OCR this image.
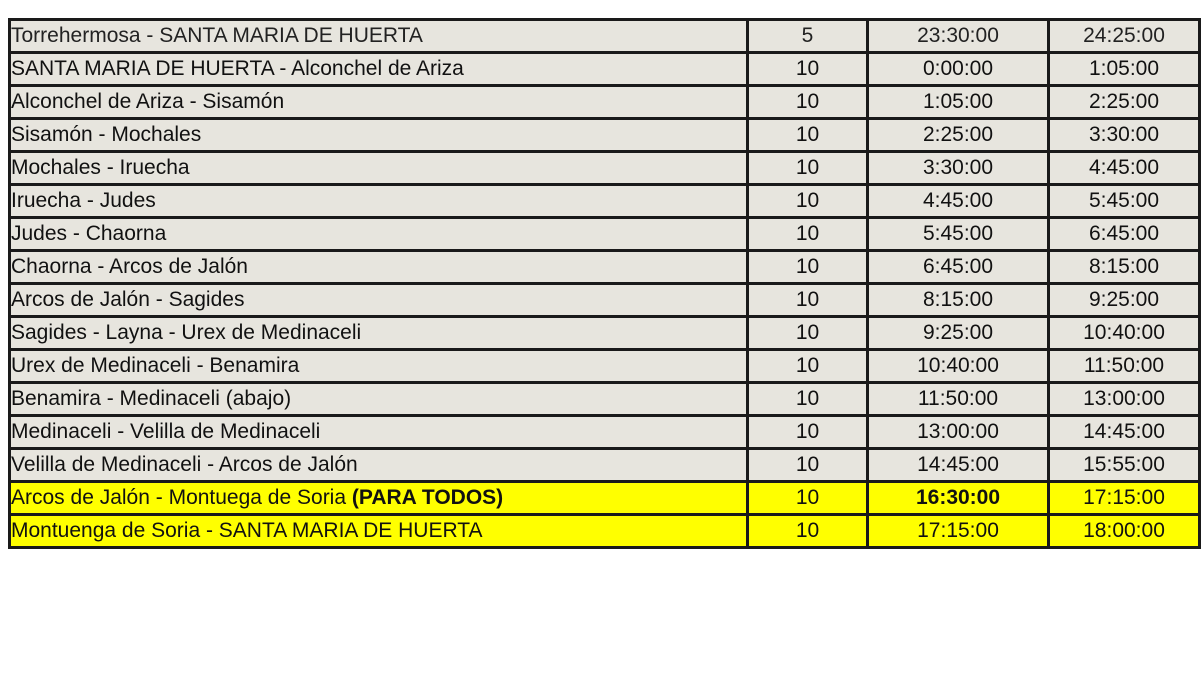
Torrehermosa - SANTA MARIA DE HUERTA	5	23:30:00	24:25:00
SANTA MARIA DE HUERTA - Alconchel de Ariza	10	0:00:00	1:05:00
Alconchel de Ariza - Sisamón	10	1:05:00	2:25:00
Sisamón - Mochales	10	2:25:00	3:30:00
Mochales - Iruecha	10	3:30:00	4:45:00
Iruecha - Judes	10	4:45:00	5:45:00
Judes - Chaorna	10	5:45:00	6:45:00
Chaorna - Arcos de Jalón	10	6:45:00	8:15:00
Arcos de Jalón - Sagides	10	8:15:00	9:25:00
Sagides - Layna - Urex de Medinaceli	10	9:25:00	10:40:00
Urex de Medinaceli - Benamira	10	10:40:00	11:50:00
Benamira - Medinaceli (abajo)	10	11:50:00	13:00:00
Medinaceli - Velilla de Medinaceli	10	13:00:00	14:45:00
Velilla de Medinaceli - Arcos de Jalón	10	14:45:00	15:55:00
Arcos de Jalón - Montuega de Soria (PARA TODOS)	10	16:30:00	17:15:00
Montuenga de Soria - SANTA MARIA DE HUERTA	10	17:15:00	18:00:00
